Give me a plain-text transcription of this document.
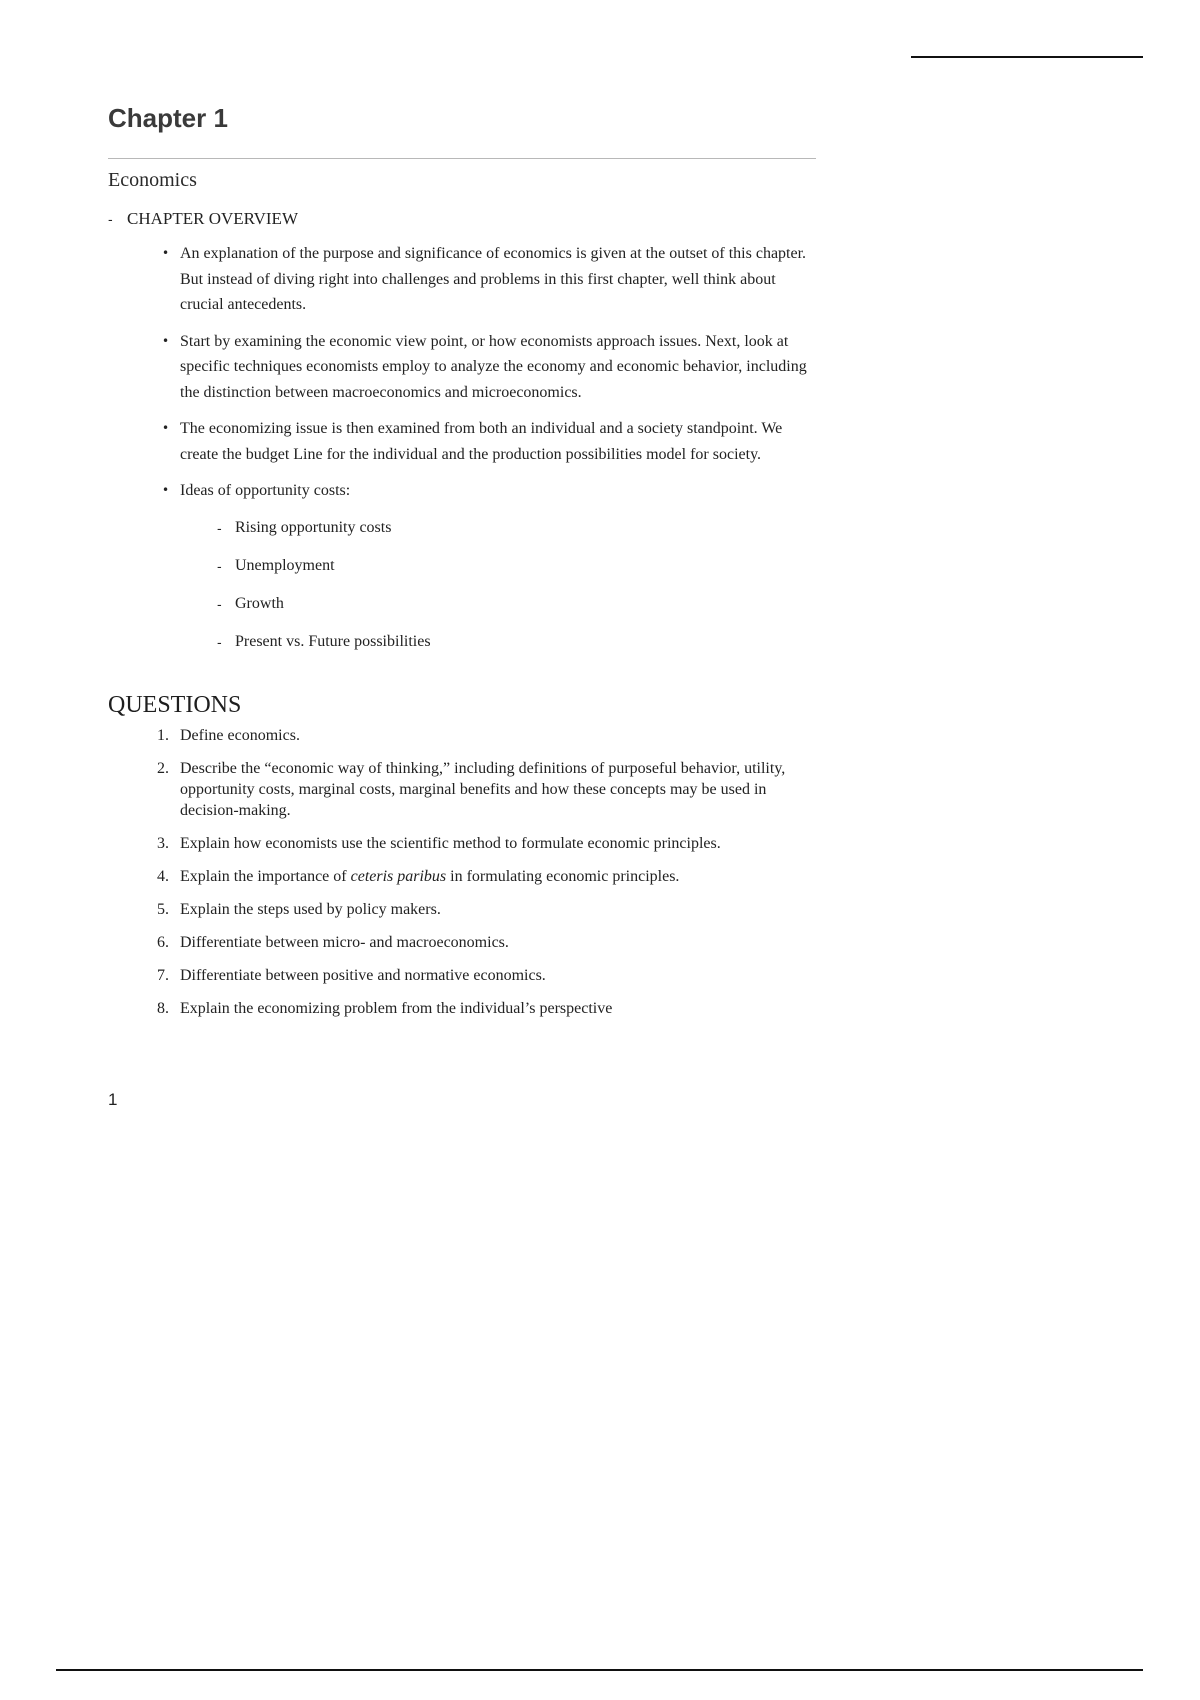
Chapter 1
Economics
- CHAPTER OVERVIEW
• An explanation of the purpose and significance of economics is given at the outset of this chapter. But instead of diving right into challenges and problems in this first chapter, well think about crucial antecedents.
• Start by examining the economic view point, or how economists approach issues. Next, look at specific techniques economists employ to analyze the economy and economic behavior, including the distinction between macroeconomics and microeconomics.
• The economizing issue is then examined from both an individual and a society standpoint. We create the budget Line for the individual and the production possibilities model for society.
• Ideas of opportunity costs:
- Rising opportunity costs
- Unemployment
- Growth
- Present vs. Future possibilities
QUESTIONS
1. Define economics.
2. Describe the “economic way of thinking,” including definitions of purposeful behavior, utility, opportunity costs, marginal costs, marginal benefits and how these concepts may be used in decision-making.
3. Explain how economists use the scientific method to formulate economic principles.
4. Explain the importance of ceteris paribus in formulating economic principles.
5. Explain the steps used by policy makers.
6. Differentiate between micro- and macroeconomics.
7. Differentiate between positive and normative economics.
8. Explain the economizing problem from the individual’s perspective
1
